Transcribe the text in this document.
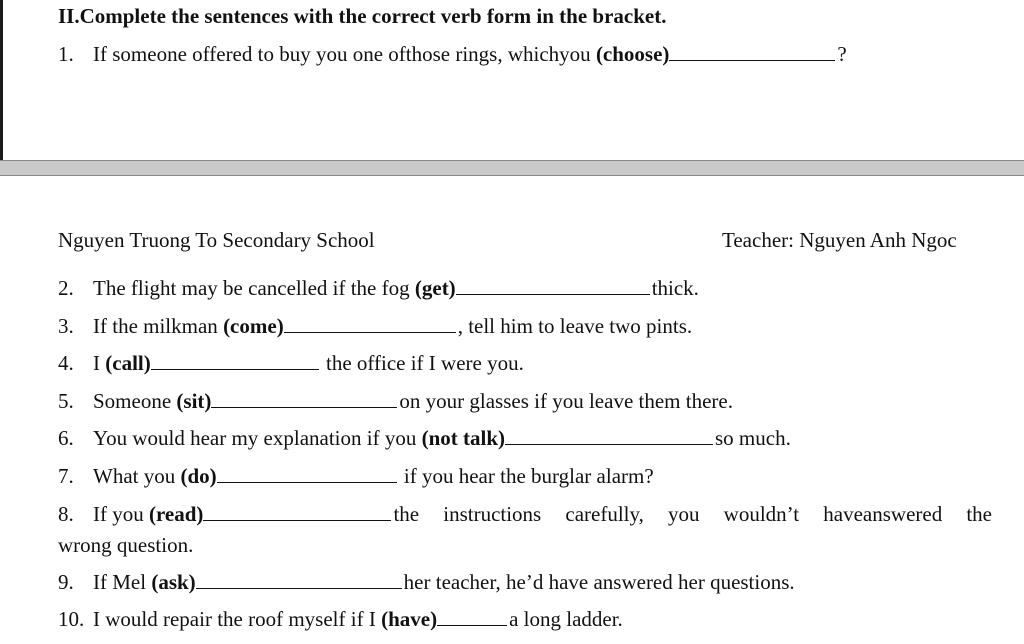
II.Complete the sentences with the correct verb form in the bracket.
1. If someone offered to buy you one ofthose rings, whichyou (choose)	?
Nguyen Truong To Secondary School	Teacher: Nguyen Anh Ngoc
2. The flight may be cancelled if the fog (get)	thick.
3. If the milkman (come)	, tell him to leave two pints.
4. I (call)	the office if I were you.
5. Someone (sit)	on your glasses if you leave them there.
6. You would hear my explanation if you (not talk)	so much.
7. What you (do)	if you hear the burglar alarm?
8. If you (read)	the instructions carefully, you wouldn’t haveanswered the
wrong question.
9. If Mel (ask)	her teacher, he’d have answered her questions.
10. I would repair the roof myself if I (have)	a long ladder.
